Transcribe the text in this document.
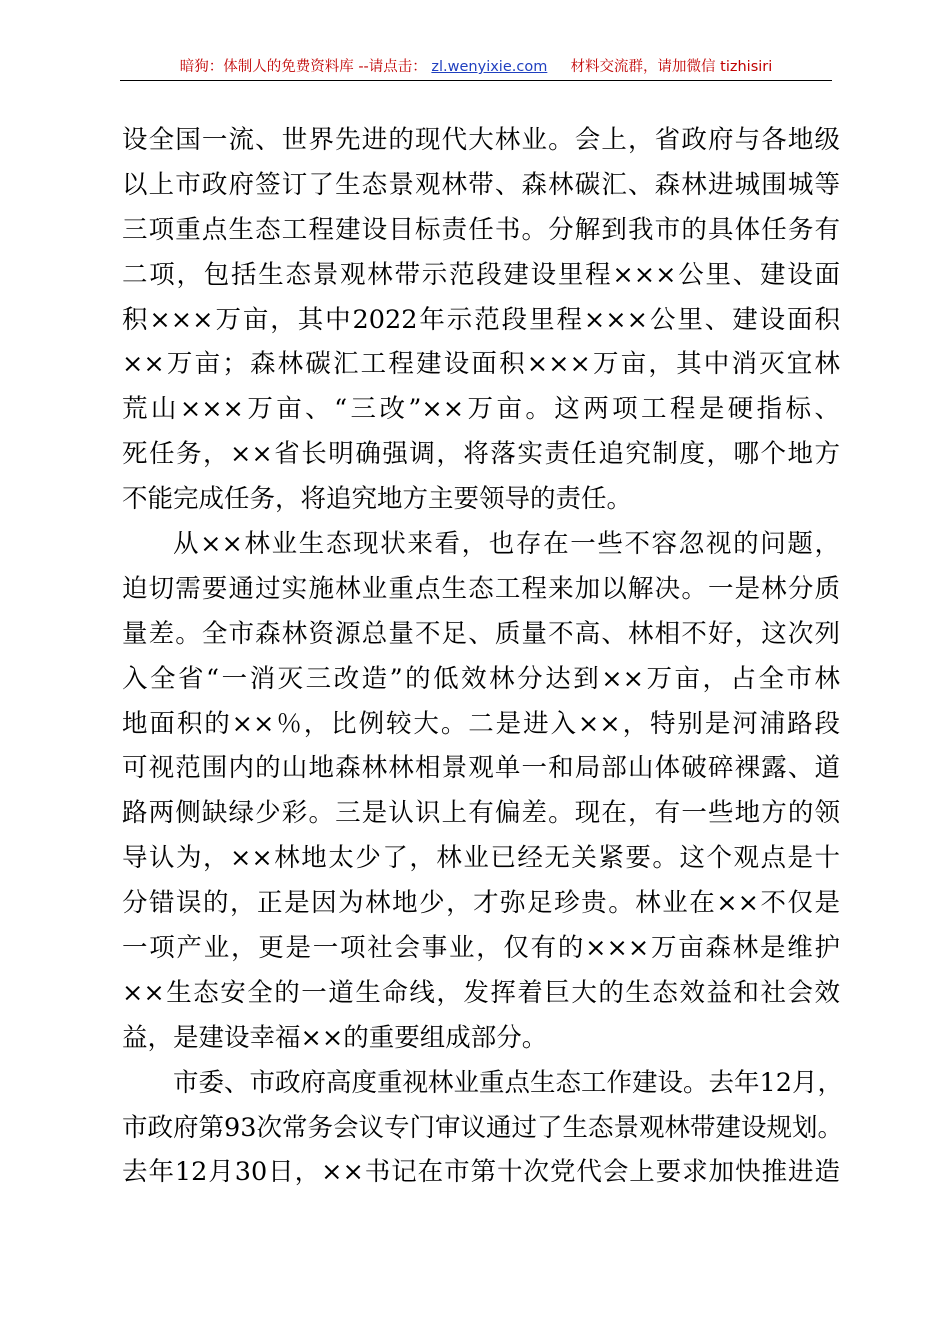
暗狗：体制人的免费资料库 --请点击： zl.wenyixie.com 材料交流群，请加微信 tizhisiri
设全国一流、世界先进的现代大林业。会上，省政府与各地级
以上市政府签订了生态景观林带、森林碳汇、森林进城围城等
三项重点生态工程建设目标责任书。分解到我市的具体任务有
二项，包括生态景观林带示范段建设里程×××公里、建设面
积×××万亩，其中2022年示范段里程×××公里、建设面积
××万亩；森林碳汇工程建设面积×××万亩，其中消灭宜林
荒山×××万亩、“三改”××万亩。这两项工程是硬指标、
死任务，××省长明确强调，将落实责任追究制度，哪个地方
不能完成任务，将追究地方主要领导的责任。
从××林业生态现状来看，也存在一些不容忽视的问题，
迫切需要通过实施林业重点生态工程来加以解决。一是林分质
量差。全市森林资源总量不足、质量不高、林相不好，这次列
入全省“一消灭三改造”的低效林分达到××万亩，占全市林
地面积的××％，比例较大。二是进入××，特别是河浦路段
可视范围内的山地森林林相景观单一和局部山体破碎裸露、道
路两侧缺绿少彩。三是认识上有偏差。现在，有一些地方的领
导认为，××林地太少了，林业已经无关紧要。这个观点是十
分错误的，正是因为林地少，才弥足珍贵。林业在××不仅是
一项产业，更是一项社会事业，仅有的×××万亩森林是维护
××生态安全的一道生命线，发挥着巨大的生态效益和社会效
益，是建设幸福××的重要组成部分。
市委、市政府高度重视林业重点生态工作建设。去年12月，
市政府第93次常务会议专门审议通过了生态景观林带建设规划。
去年12月30日，××书记在市第十次党代会上要求加快推进造
